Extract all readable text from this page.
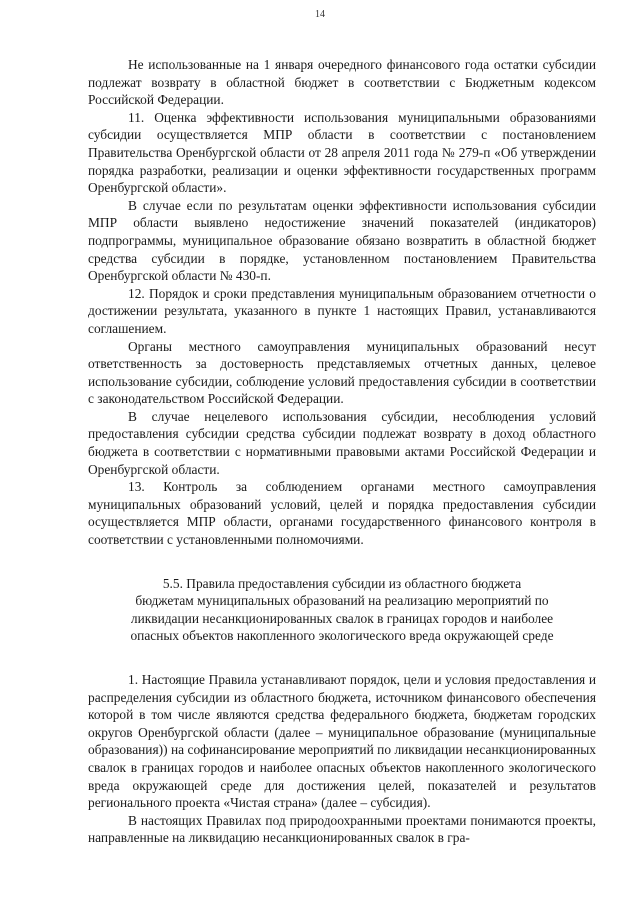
14

Не использованные на 1 января очередного финансового года остатки субсидии подлежат возврату в областной бюджет в соответствии с Бюджетным кодексом Российской Федерации.

11. Оценка эффективности использования муниципальными образованиями субсидии осуществляется МПР области в соответствии с постановлением Правительства Оренбургской области от 28 апреля 2011 года № 279-п «Об утверждении порядка разработки, реализации и оценки эффективности государственных программ Оренбургской области».

В случае если по результатам оценки эффективности использования субсидии МПР области выявлено недостижение значений показателей (индикаторов) подпрограммы, муниципальное образование обязано возвратить в областной бюджет средства субсидии в порядке, установленном постановлением Правительства Оренбургской области № 430-п.

12. Порядок и сроки представления муниципальным образованием отчетности о достижении результата, указанного в пункте 1 настоящих Правил, устанавливаются соглашением.

Органы местного самоуправления муниципальных образований несут ответственность за достоверность представляемых отчетных данных, целевое использование субсидии, соблюдение условий предоставления субсидии в соответствии с законодательством Российской Федерации.

В случае нецелевого использования субсидии, несоблюдения условий предоставления субсидии средства субсидии подлежат возврату в доход областного бюджета в соответствии с нормативными правовыми актами Российской Федерации и Оренбургской области.

13. Контроль за соблюдением органами местного самоуправления муниципальных образований условий, целей и порядка предоставления субсидии осуществляется МПР области, органами государственного финансового контроля в соответствии с установленными полномочиями.

5.5. Правила предоставления субсидии из областного бюджета
бюджетам муниципальных образований на реализацию мероприятий по
ликвидации несанкционированных свалок в границах городов и наиболее
опасных объектов накопленного экологического вреда окружающей среде

1. Настоящие Правила устанавливают порядок, цели и условия предоставления и распределения субсидии из областного бюджета, источником финансового обеспечения которой в том числе являются средства федерального бюджета, бюджетам городских округов Оренбургской области (далее – муниципальное образование (муниципальные образования)) на софинансирование мероприятий по ликвидации несанкционированных свалок в границах городов и наиболее опасных объектов накопленного экологического вреда окружающей среде для достижения целей, показателей и результатов регионального проекта «Чистая страна» (далее – субсидия).

В настоящих Правилах под природоохранными проектами понимаются проекты, направленные на ликвидацию несанкционированных свалок в гра-
